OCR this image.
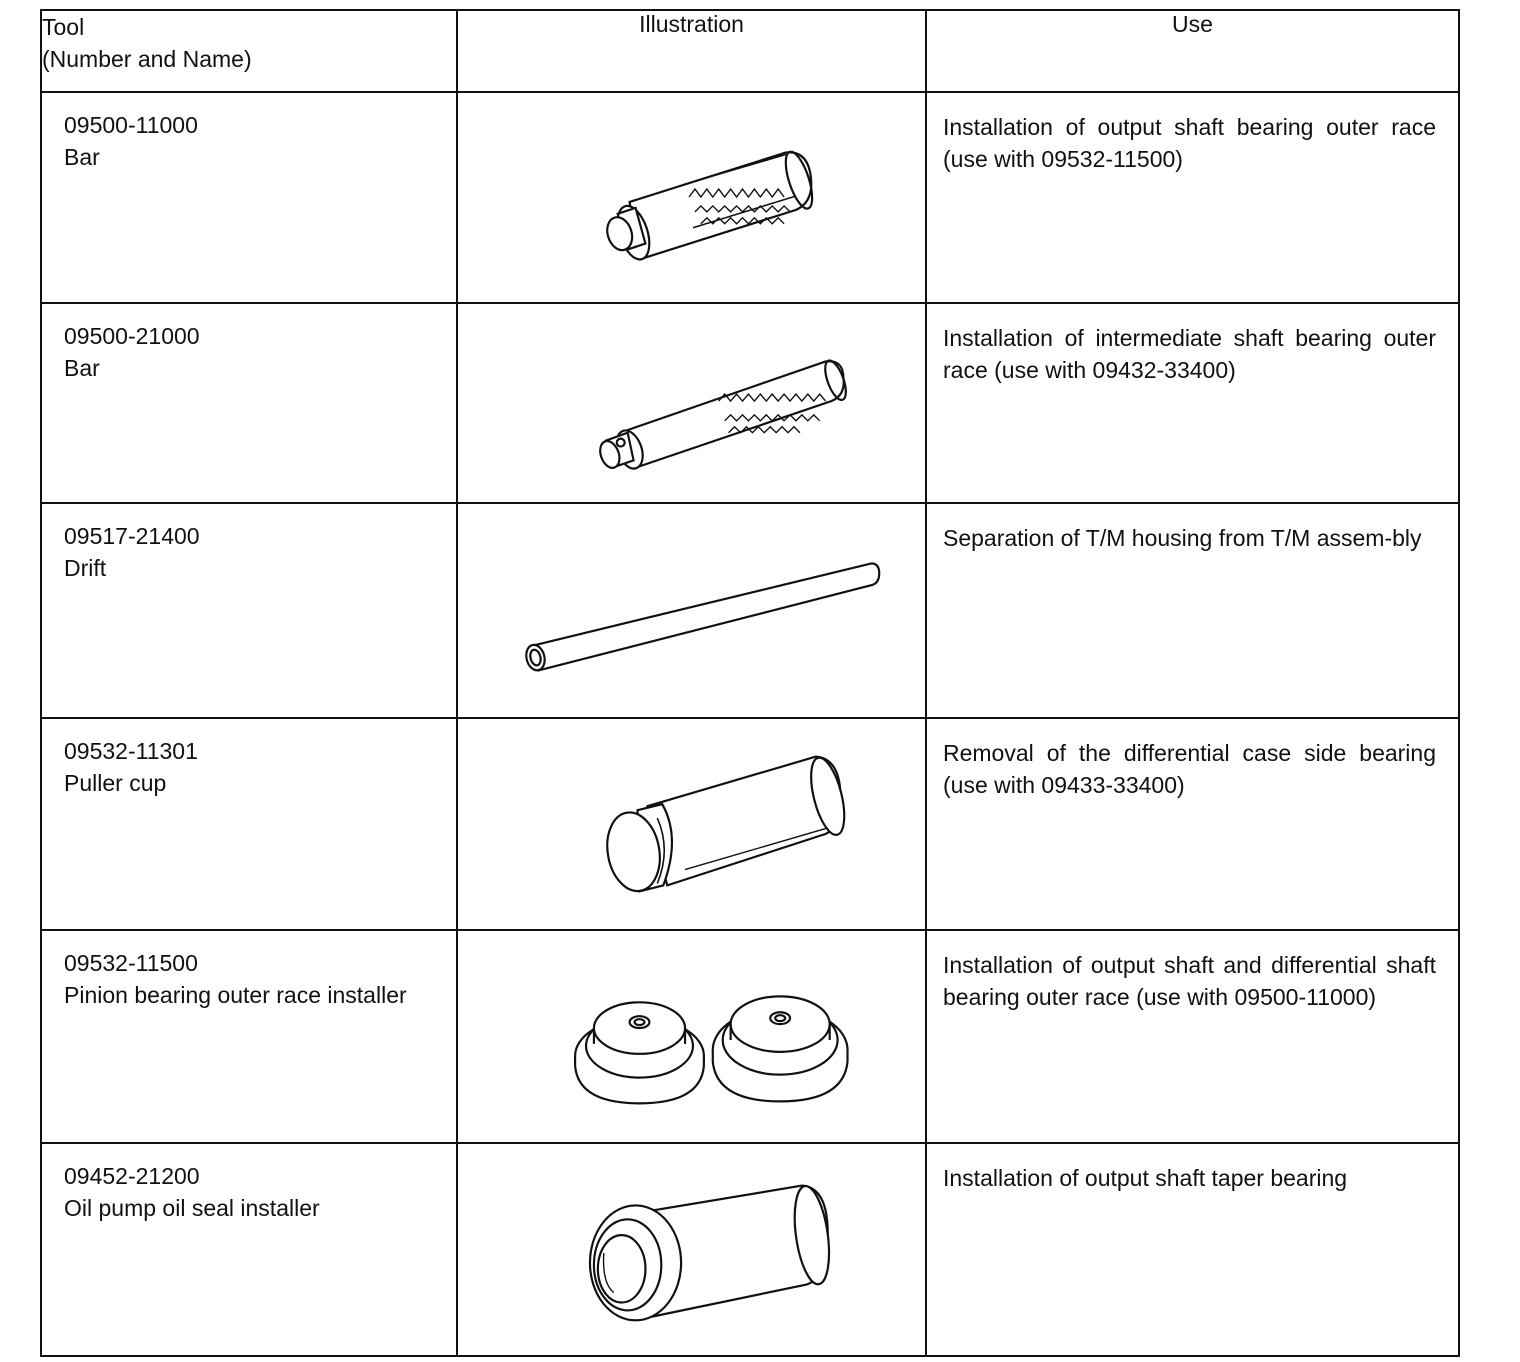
Tool
(Number and Name)	Illustration	Use

09500-11000
Bar		Installation of output shaft bearing outer race (use with 09532-11500)

09500-21000
Bar		Installation of intermediate shaft bearing outer race (use with 09432-33400)

09517-21400
Drift		Separation of T/M housing from T/M assem-bly

09532-11301
Puller cup		Removal of the differential case side bearing (use with 09433-33400)

09532-11500
Pinion bearing outer race installer		Installation of output shaft and differential shaft bearing outer race (use with 09500-11000)

09452-21200
Oil pump oil seal installer		Installation of output shaft taper bearing
